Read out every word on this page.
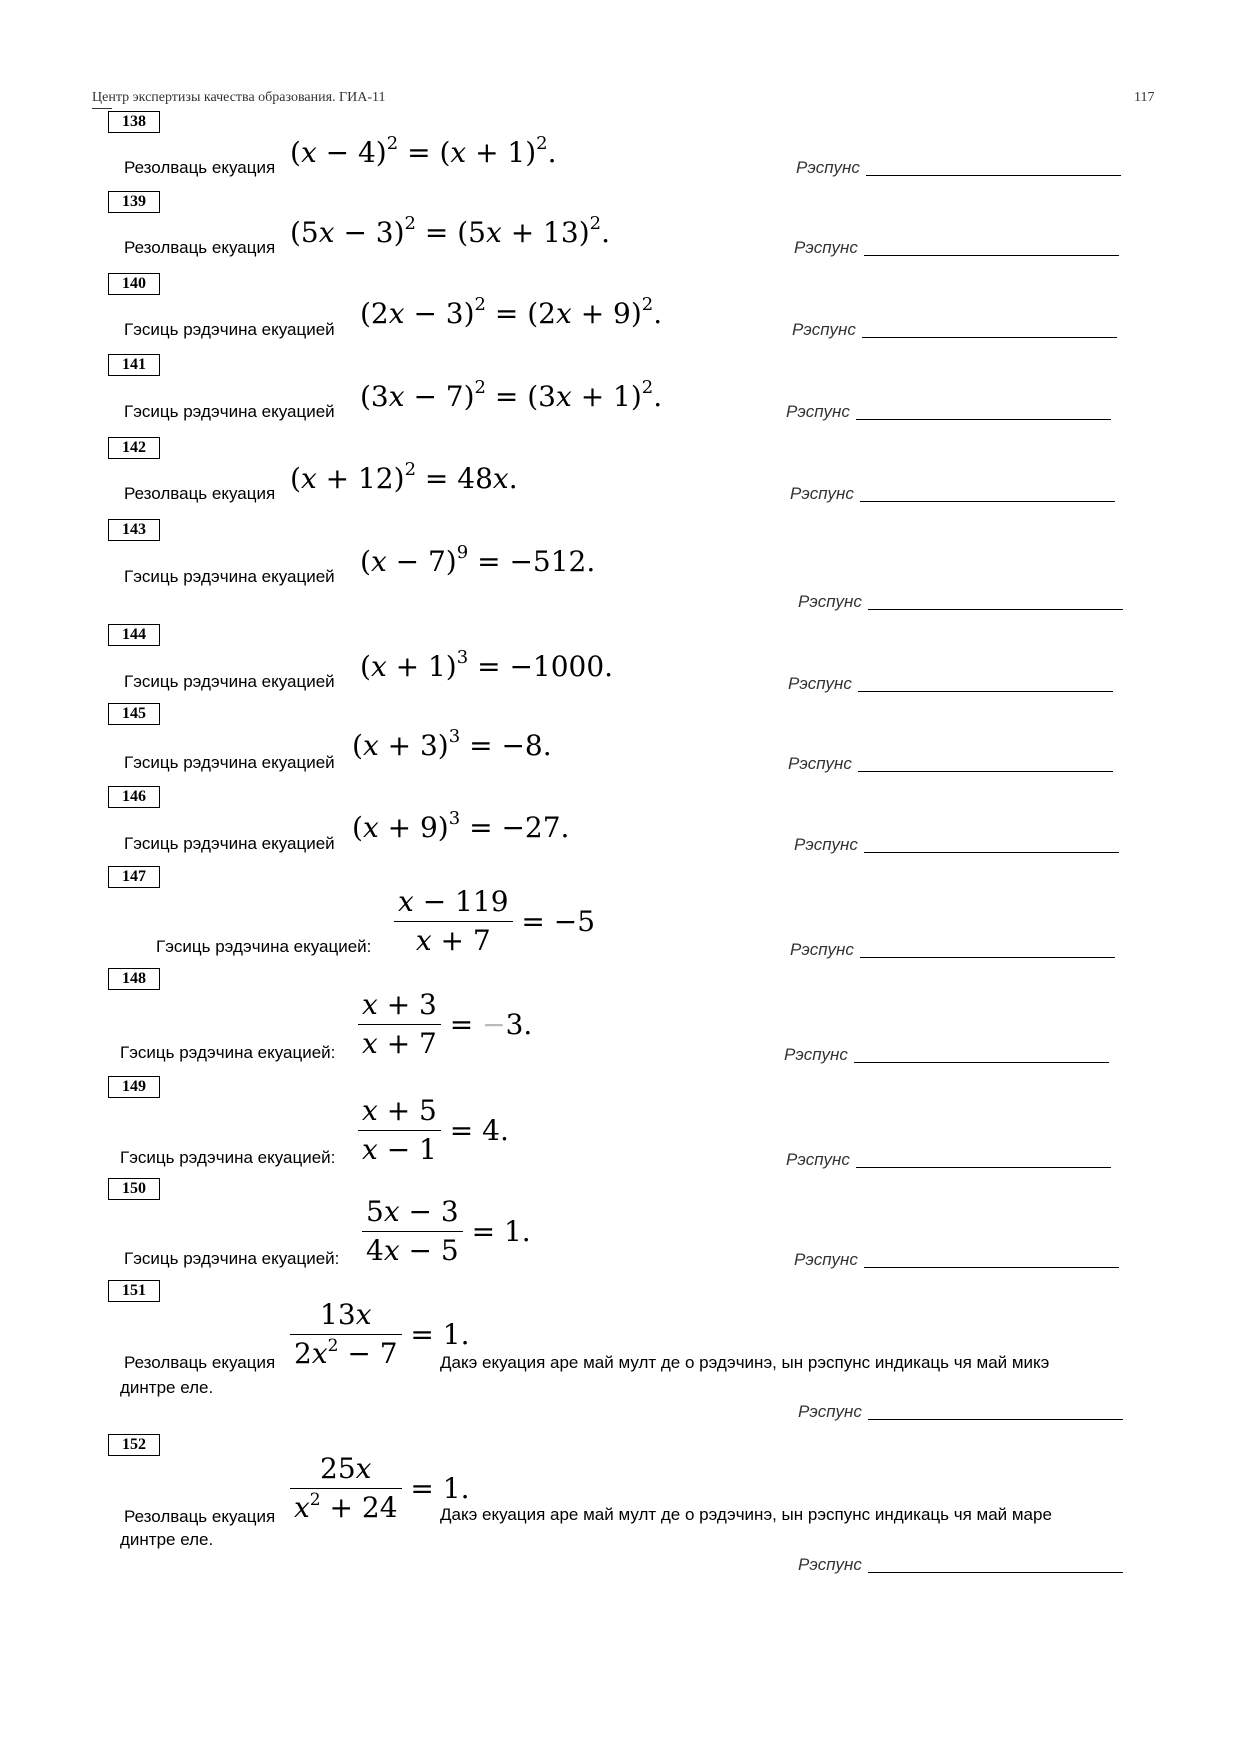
Центр экспертизы качества образования. ГИА-11	117
138
Резолваць екуация $(x - 4)^2 = (x + 1)^2$.	Рэспунс
139
Резолваць екуация $(5x - 3)^2 = (5x + 13)^2$.	Рэспунс
140
Гэсиць рэдэчина екуацией $(2x - 3)^2 = (2x + 9)^2$.	Рэспунс
141
Гэсиць рэдэчина екуацией $(3x - 7)^2 = (3x + 1)^2$.	Рэспунс
142
Резолваць екуация $(x + 12)^2 = 48x$.	Рэспунс
143
Гэсиць рэдэчина екуацией $(x - 7)^9 = -512$.
Рэспунс
144
Гэсиць рэдэчина екуацией $(x + 1)^3 = -1000$.
Рэспунс
145
Гэсиць рэдэчина екуацией
$(x + 3)^3 = -8$.
Рэспунс
146
Гэсиць рэдэчина екуацией $(x + 9)^3 = -27$.
Рэспунс
147
Гэсиць рэдэчина екуацией: $\frac{x - 119}{x + 7} = -5$
Рэспунс
148
Гэсиць рэдэчина екуацией: $\frac{x + 3}{x + 7} = -3$.
Рэспунс
149
Гэсиць рэдэчина екуацией: $\frac{x + 5}{x - 1} = 4$.
Рэспунс
150
Гэсиць рэдэчина екуацией: $\frac{5x - 3}{4x - 5} = 1$.
Рэспунс
151
Резолваць екуация $\frac{13x}{2x^2 - 7} = 1$.
Дакэ екуация аре май мулт де о рэдэчинэ, ын рэспунс индикаць чя май микэ
динтре еле.
Рэспунс
152
Резолваць екуация $\frac{25x}{x^2 + 24} = 1$.
Дакэ екуация аре май мулт де о рэдэчинэ, ын рэспунс индикаць чя май маре
динтре еле.
Рэспунс
